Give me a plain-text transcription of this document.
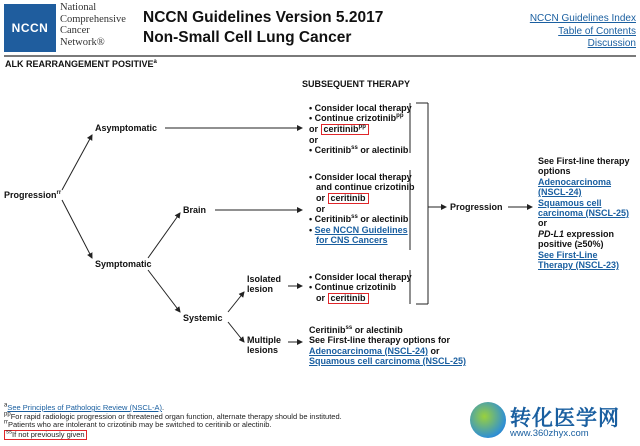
NCCN
National
Comprehensive
Cancer
Network®
NCCN Guidelines Version 5.2017
Non-Small Cell Lung Cancer
NCCN Guidelines Index
Table of Contents
Discussion
ALK REARRANGEMENT POSITIVE$^a$
SUBSEQUENT THERAPY
Progression$^{rr}$
Asymptomatic
Symptomatic
Brain
Systemic
Isolated
lesion
Multiple
lesions
Progression
• Consider local therapy
• Continue crizotinib$^{pp}$
or ceritinib$^{pp}$
or
• Ceritinib$^{ss}$ or alectinib
• Consider local therapy
and continue crizotinib
or ceritinib
or
• Ceritinib$^{ss}$ or alectinib
• See NCCN Guidelines
for CNS Cancers
• Consider local therapy
• Continue crizotinib
or ceritinib
Ceritinib$^{ss}$ or alectinib
See First-line therapy options for
Adenocarcinoma (NSCL-24) or
Squamous cell carcinoma (NSCL-25)
See First-line therapy
options
Adenocarcinoma
(NSCL-24)
Squamous cell
carcinoma (NSCL-25)
or
PD-L1 expression
positive (≥50%)
See First-Line
Therapy (NSCL-23)
$^a$See Principles of Pathologic Review (NSCL-A).
$^{pp}$For rapid radiologic progression or threatened organ function, alternate therapy should be instituted.
$^{rr}$Patients who are intolerant to crizotinib may be switched to ceritinib or alectinib.
$^{ss}$If not previously given
转化医学网
www.360zhyx.com
